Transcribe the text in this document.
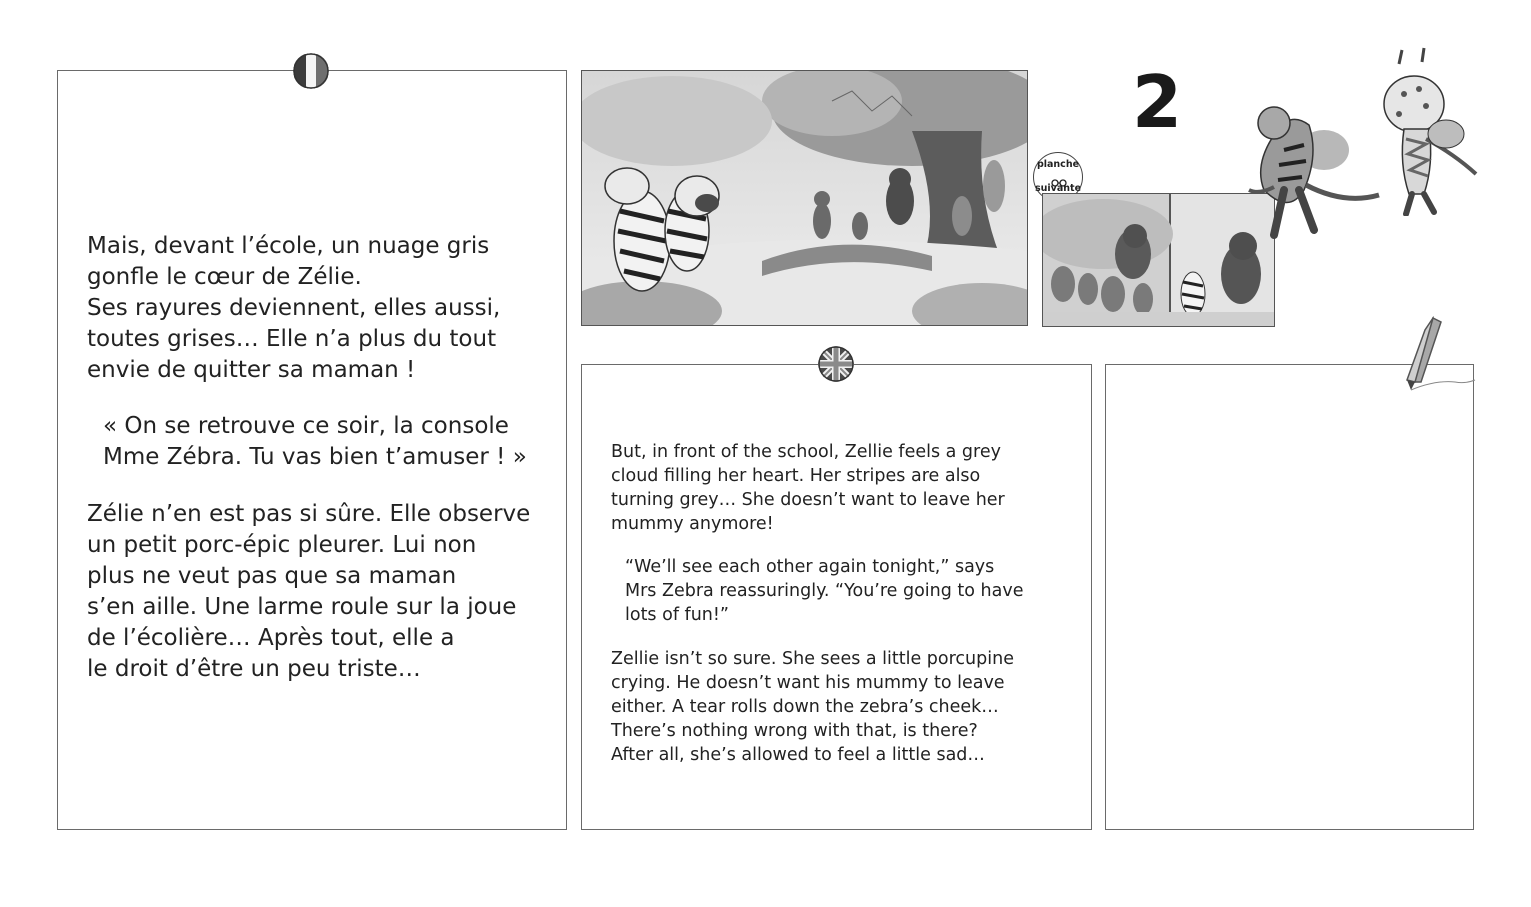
Mais, devant l’école, un nuage gris
gonfle le cœur de Zélie.
Ses rayures deviennent, elles aussi,
toutes grises… Elle n’a plus du tout
envie de quitter sa maman !
« On se retrouve ce soir, la console
Mme Zébra. Tu vas bien t’amuser ! »
Zélie n’en est pas si sûre. Elle observe
un petit porc-épic pleurer. Lui non
plus ne veut pas que sa maman
s’en aille. Une larme roule sur la joue
de l’écolière… Après tout, elle a
le droit d’être un peu triste…
2
planche
suivante
But, in front of the school, Zellie feels a grey
cloud filling her heart. Her stripes are also
turning grey… She doesn’t want to leave her
mummy anymore!
“We’ll see each other again tonight,” says
Mrs Zebra reassuringly. “You’re going to have
lots of fun!”
Zellie isn’t so sure. She sees a little porcupine
crying. He doesn’t want his mummy to leave
either. A tear rolls down the zebra’s cheek…
There’s nothing wrong with that, is there?
After all, she’s allowed to feel a little sad…
